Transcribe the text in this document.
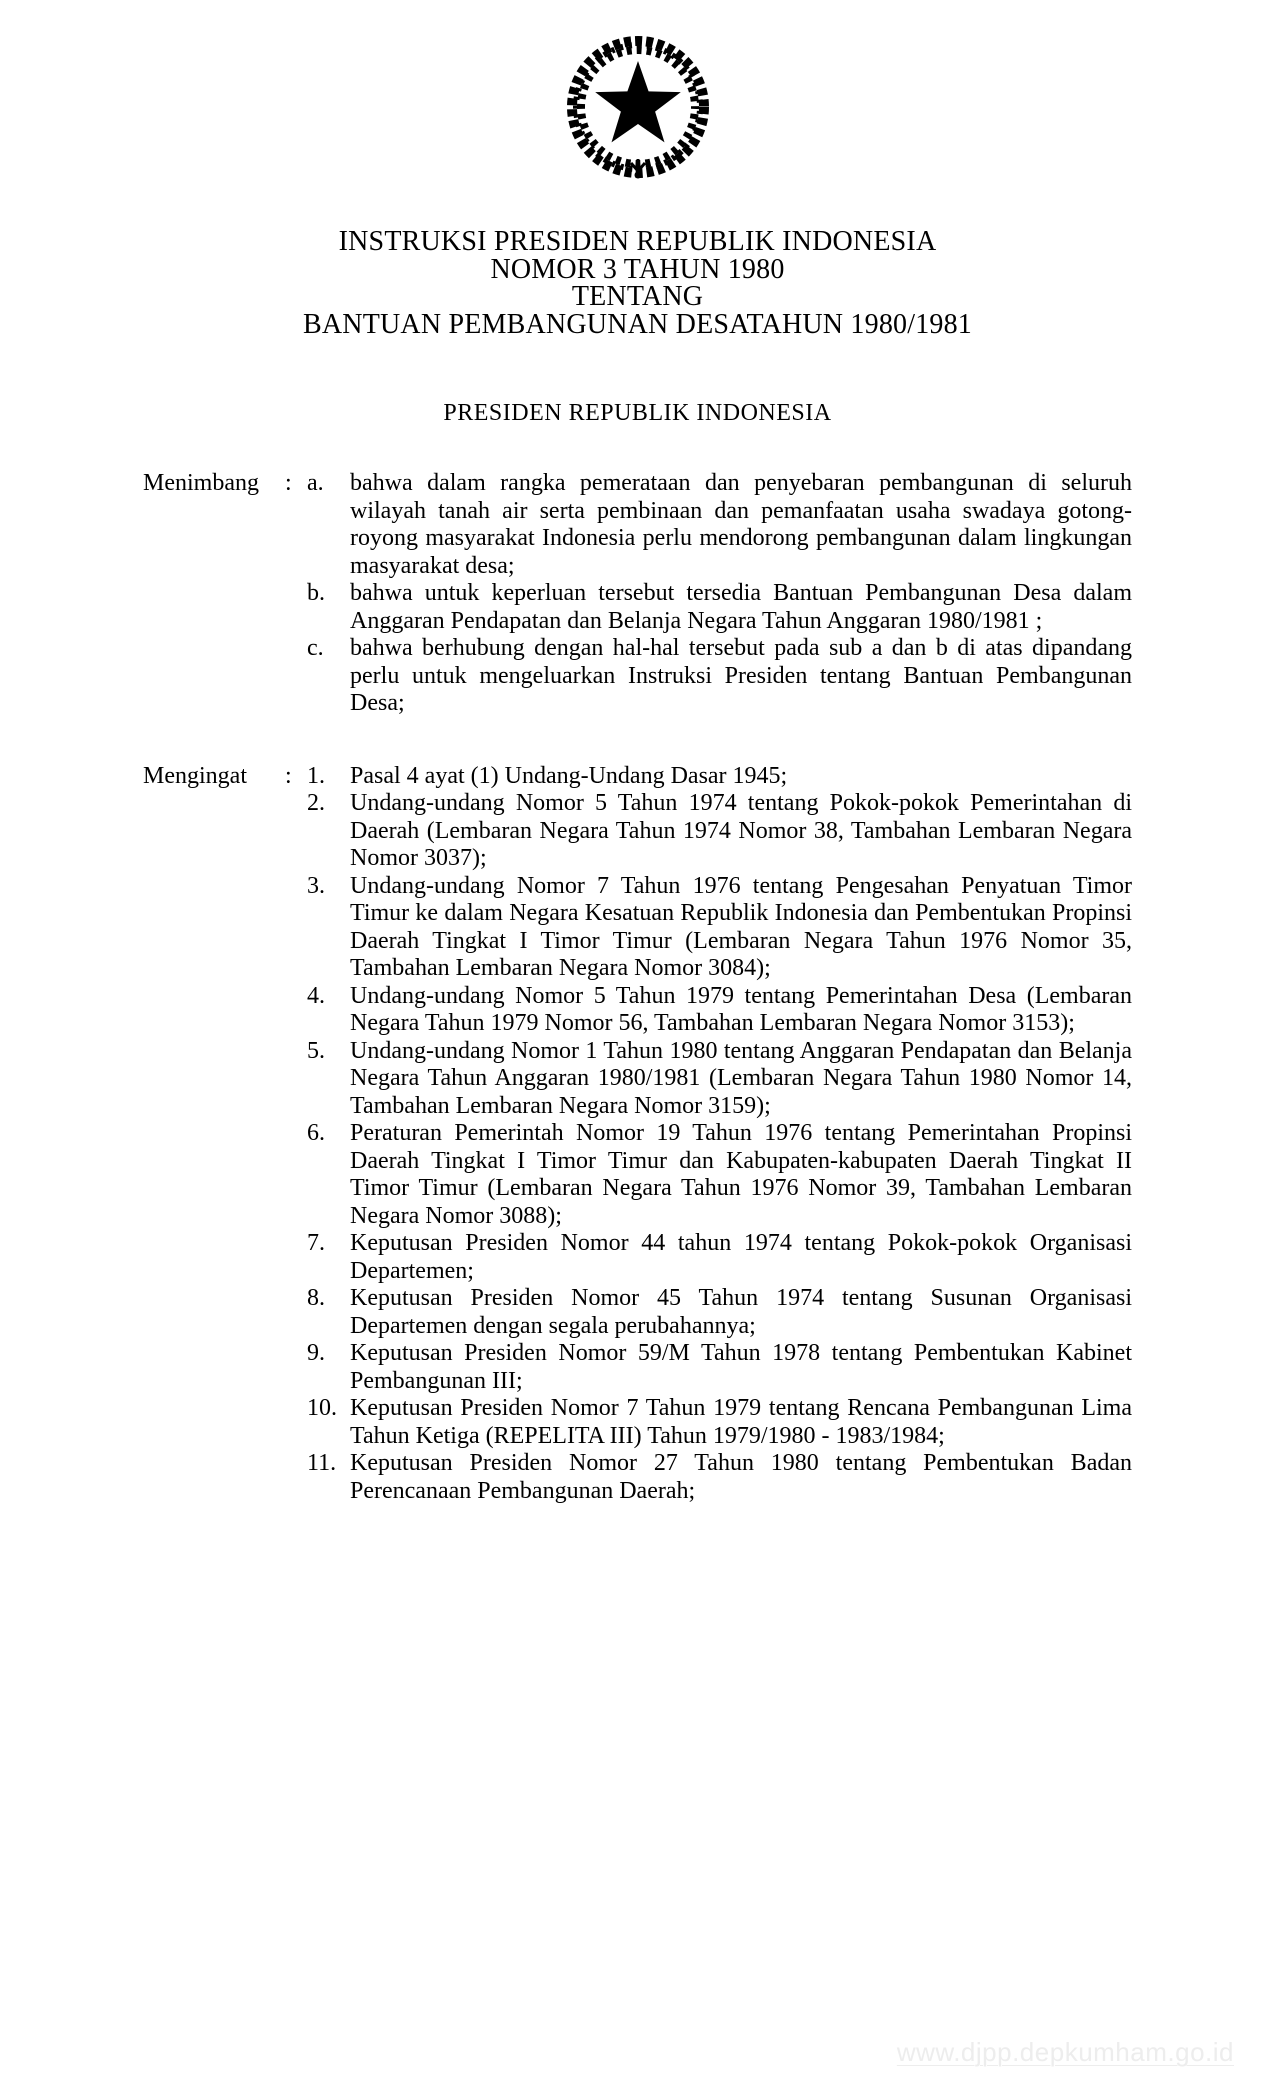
INSTRUKSI PRESIDEN REPUBLIK INDONESIA
NOMOR 3 TAHUN 1980
TENTANG
BANTUAN PEMBANGUNAN DESATAHUN 1980/1981
PRESIDEN REPUBLIK INDONESIA
Menimbang	: a.	bahwa dalam rangka pemerataan dan penyebaran pembangunan di seluruh wilayah tanah air serta pembinaan dan pemanfaatan usaha swadaya gotong-royong masyarakat Indonesia perlu mendorong pembangunan dalam lingkungan masyarakat desa;
b.	bahwa untuk keperluan tersebut tersedia Bantuan Pembangunan Desa dalam Anggaran Pendapatan dan Belanja Negara Tahun Anggaran 1980/1981 ;
c.	bahwa berhubung dengan hal-hal tersebut pada sub a dan b di atas dipandang perlu untuk mengeluarkan Instruksi Presiden tentang Bantuan Pembangunan Desa;
Mengingat	: 1.	Pasal 4 ayat (1) Undang-Undang Dasar 1945;
2.	Undang-undang Nomor 5 Tahun 1974 tentang Pokok-pokok Pemerintahan di Daerah (Lembaran Negara Tahun 1974 Nomor 38, Tambahan Lembaran Negara Nomor 3037);
3.	Undang-undang Nomor 7 Tahun 1976 tentang Pengesahan Penyatuan Timor Timur ke dalam Negara Kesatuan Republik Indonesia dan Pembentukan Propinsi Daerah Tingkat I Timor Timur (Lembaran Negara Tahun 1976 Nomor 35, Tambahan Lembaran Negara Nomor 3084);
4.	Undang-undang Nomor 5 Tahun 1979 tentang Pemerintahan Desa (Lembaran Negara Tahun 1979 Nomor 56, Tambahan Lembaran Negara Nomor 3153);
5.	Undang-undang Nomor 1 Tahun 1980 tentang Anggaran Pendapatan dan Belanja Negara Tahun Anggaran 1980/1981 (Lembaran Negara Tahun 1980 Nomor 14, Tambahan Lembaran Negara Nomor 3159);
6.	Peraturan Pemerintah Nomor 19 Tahun 1976 tentang Pemerintahan Propinsi Daerah Tingkat I Timor Timur dan Kabupaten-kabupaten Daerah Tingkat II Timor Timur (Lembaran Negara Tahun 1976 Nomor 39, Tambahan Lembaran Negara Nomor 3088);
7.	Keputusan Presiden Nomor 44 tahun 1974 tentang Pokok-pokok Organisasi Departemen;
8.	Keputusan Presiden Nomor 45 Tahun 1974 tentang Susunan Organisasi Departemen dengan segala perubahannya;
9.	Keputusan Presiden Nomor 59/M Tahun 1978 tentang Pembentukan Kabinet Pembangunan III;
10. Keputusan Presiden Nomor 7 Tahun 1979 tentang Rencana Pembangunan Lima Tahun Ketiga (REPELITA III) Tahun 1979/1980 - 1983/1984;
11. Keputusan Presiden Nomor 27 Tahun 1980 tentang Pembentukan Badan Perencanaan Pembangunan Daerah;
www.djpp.depkumham.go.id
